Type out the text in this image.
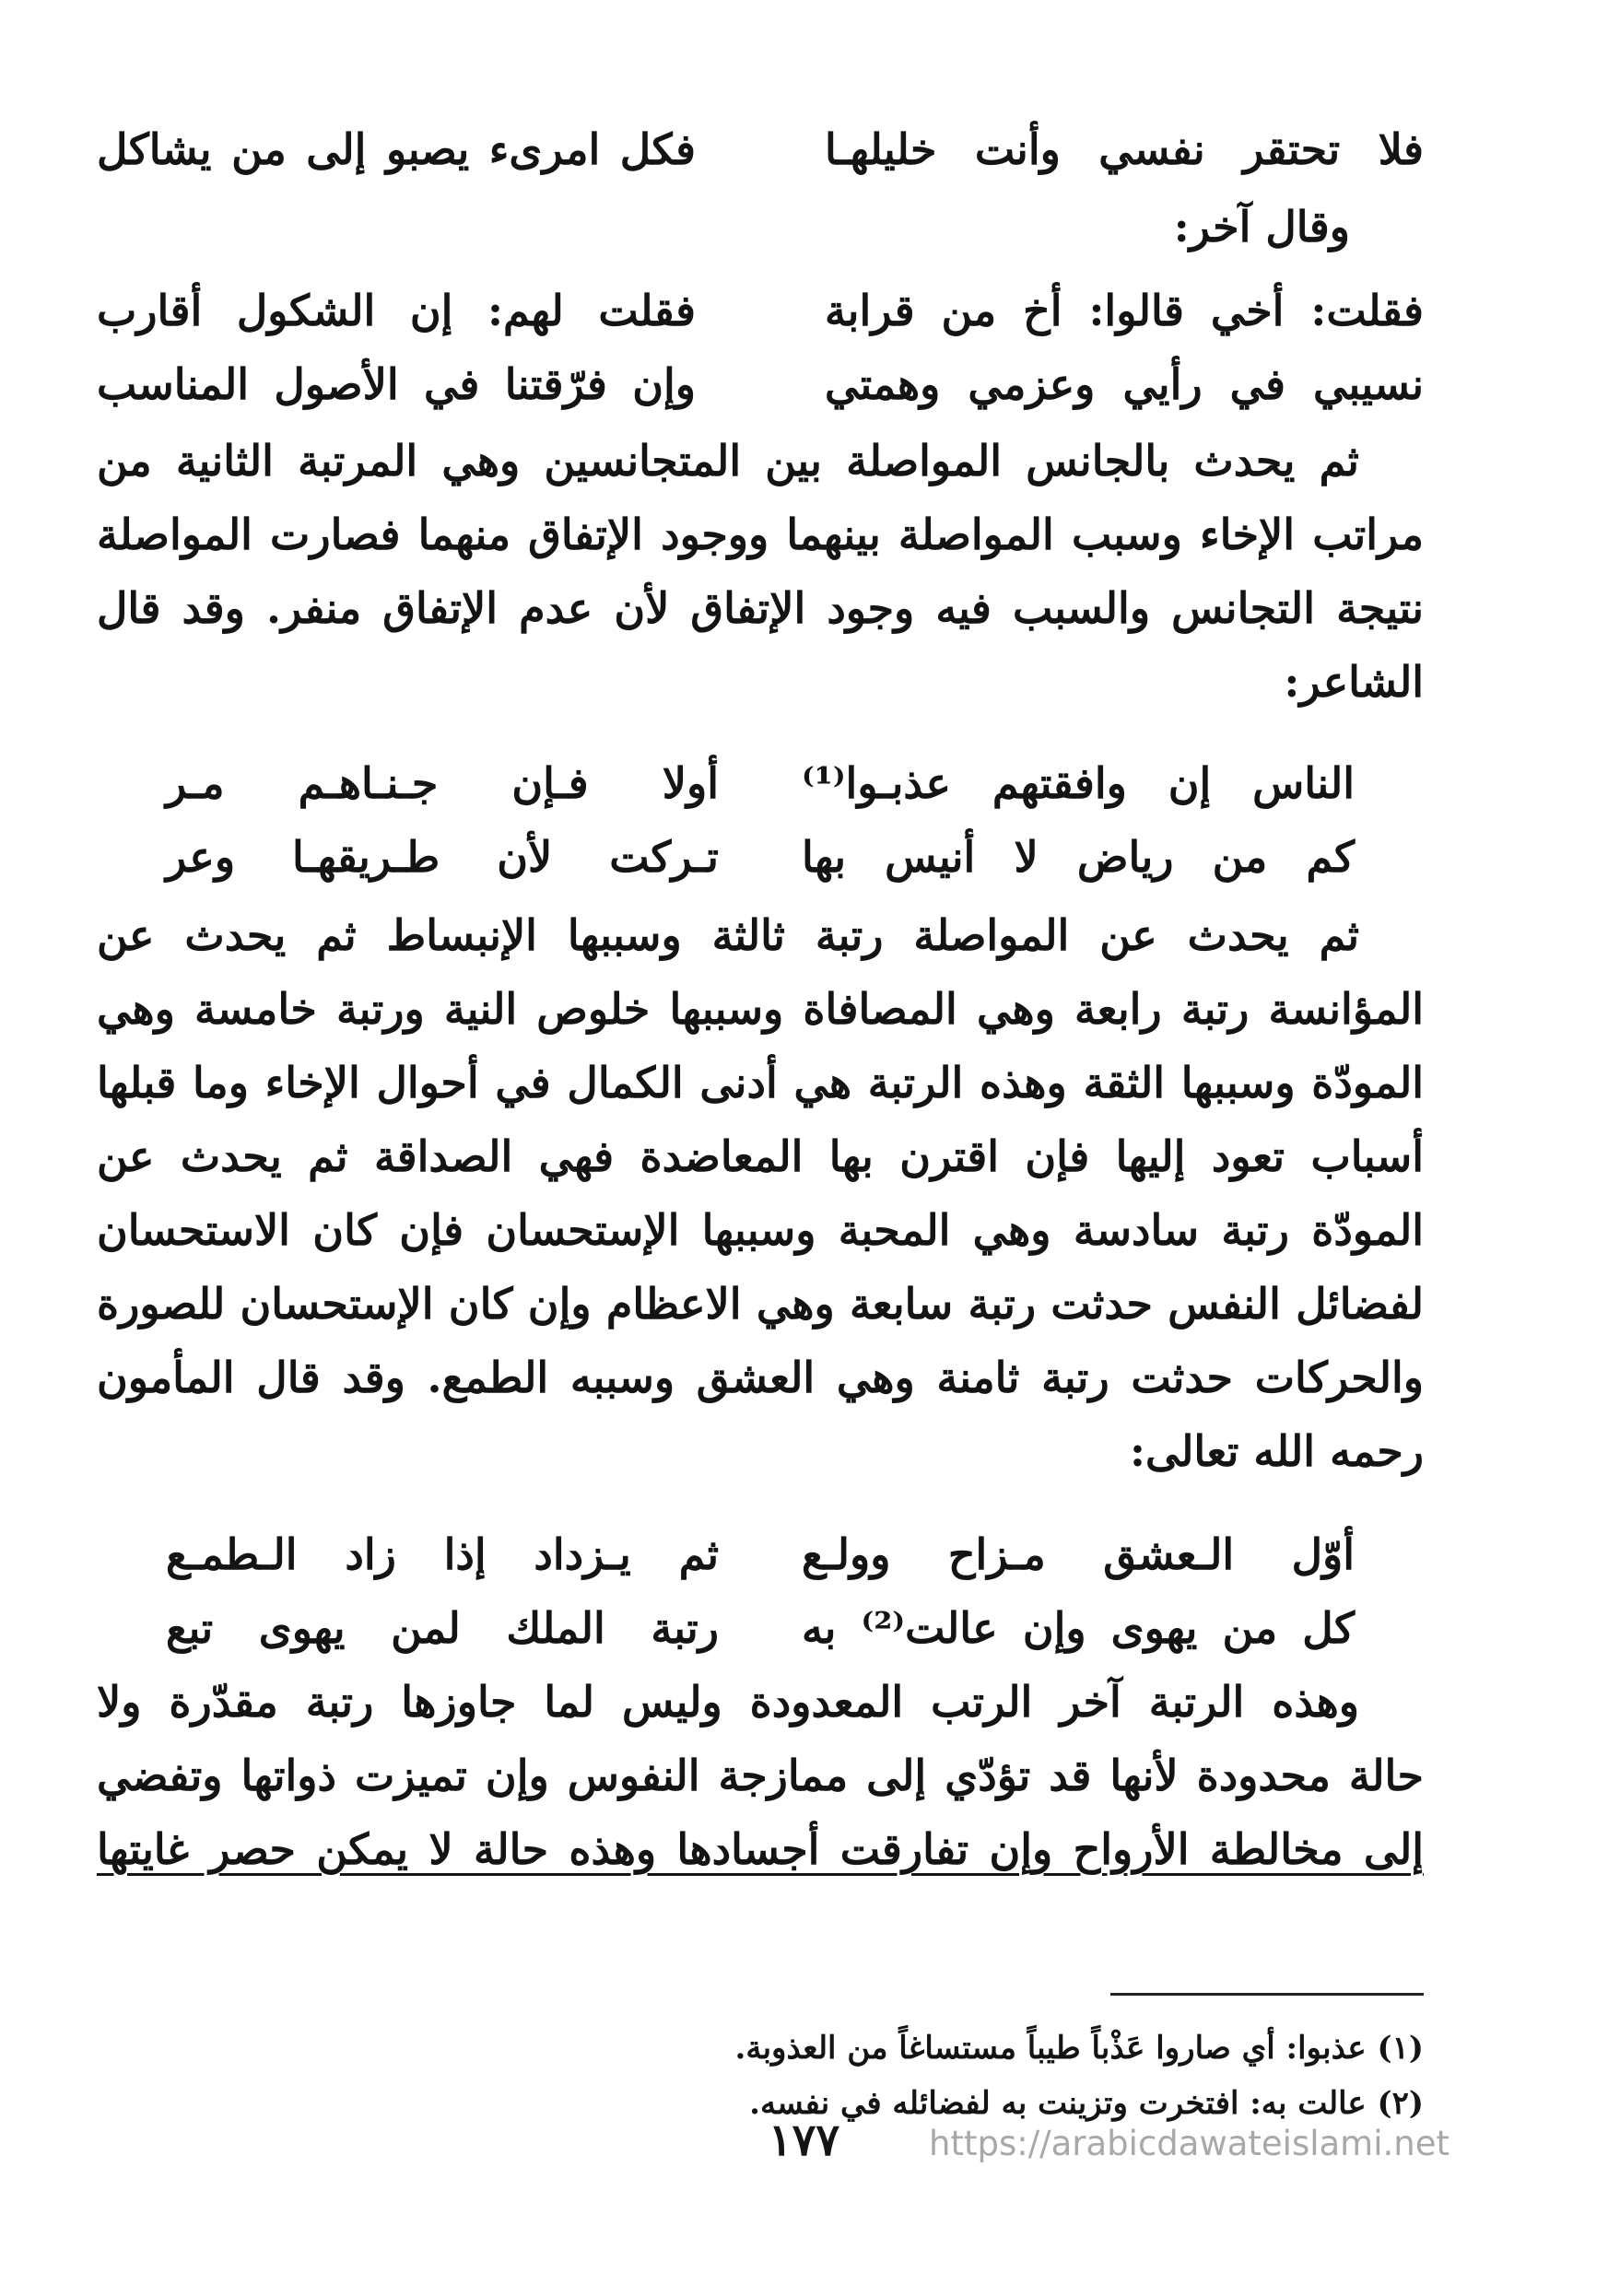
فلا تحتقر نفسي وأنت خليلهـا
فكل امرىء يصبو إلى من يشاكل
وقال آخر:
فقلت: أخي قالوا: أخ من قرابة
فقلت لهم: إن الشكول أقارب
نسيبي في رأيي وعزمي وهمتي
وإن فرّقتنا في الأصول المناسب
ثم يحدث بالجانس المواصلة بين المتجانسين وهي المرتبة الثانية من
مراتب الإخاء وسبب المواصلة بينهما ووجود الإتفاق منهما فصارت المواصلة
نتيجة التجانس والسبب فيه وجود الإتفاق لأن عدم الإتفاق منفر. وقد قال
الشاعر:
الناس إن وافقتهم عذبـوا⁽¹⁾
أولا فـإن جـنـاهـم مـر
كم من رياض لا أنيس بها
تـركت لأن طـريقهـا وعر
ثم يحدث عن المواصلة رتبة ثالثة وسببها الإنبساط ثم يحدث عن
المؤانسة رتبة رابعة وهي المصافاة وسببها خلوص النية ورتبة خامسة وهي
المودّة وسببها الثقة وهذه الرتبة هي أدنى الكمال في أحوال الإخاء وما قبلها
أسباب تعود إليها فإن اقترن بها المعاضدة فهي الصداقة ثم يحدث عن
المودّة رتبة سادسة وهي المحبة وسببها الإستحسان فإن كان الاستحسان
لفضائل النفس حدثت رتبة سابعة وهي الاعظام وإن كان الإستحسان للصورة
والحركات حدثت رتبة ثامنة وهي العشق وسببه الطمع. وقد قال المأمون
رحمه الله تعالى:
أوّل الـعشق مـزاح وولـع
ثم يـزداد إذا زاد الـطمـع
كل من يهوى وإن عالت⁽²⁾ به
رتبة الملك لمن يهوى تبع
وهذه الرتبة آخر الرتب المعدودة وليس لما جاوزها رتبة مقدّرة ولا
حالة محدودة لأنها قد تؤدّي إلى ممازجة النفوس وإن تميزت ذواتها وتفضي
إلى مخالطة الأرواح وإن تفارقت أجسادها وهذه حالة لا يمكن حصر غايتها
(١) عذبوا: أي صاروا عَذْباً طيباً مستساغاً من العذوبة.
(٢) عالت به: افتخرت وتزينت به لفضائله في نفسه.
١٧٧	https://arabicdawateislami.net
